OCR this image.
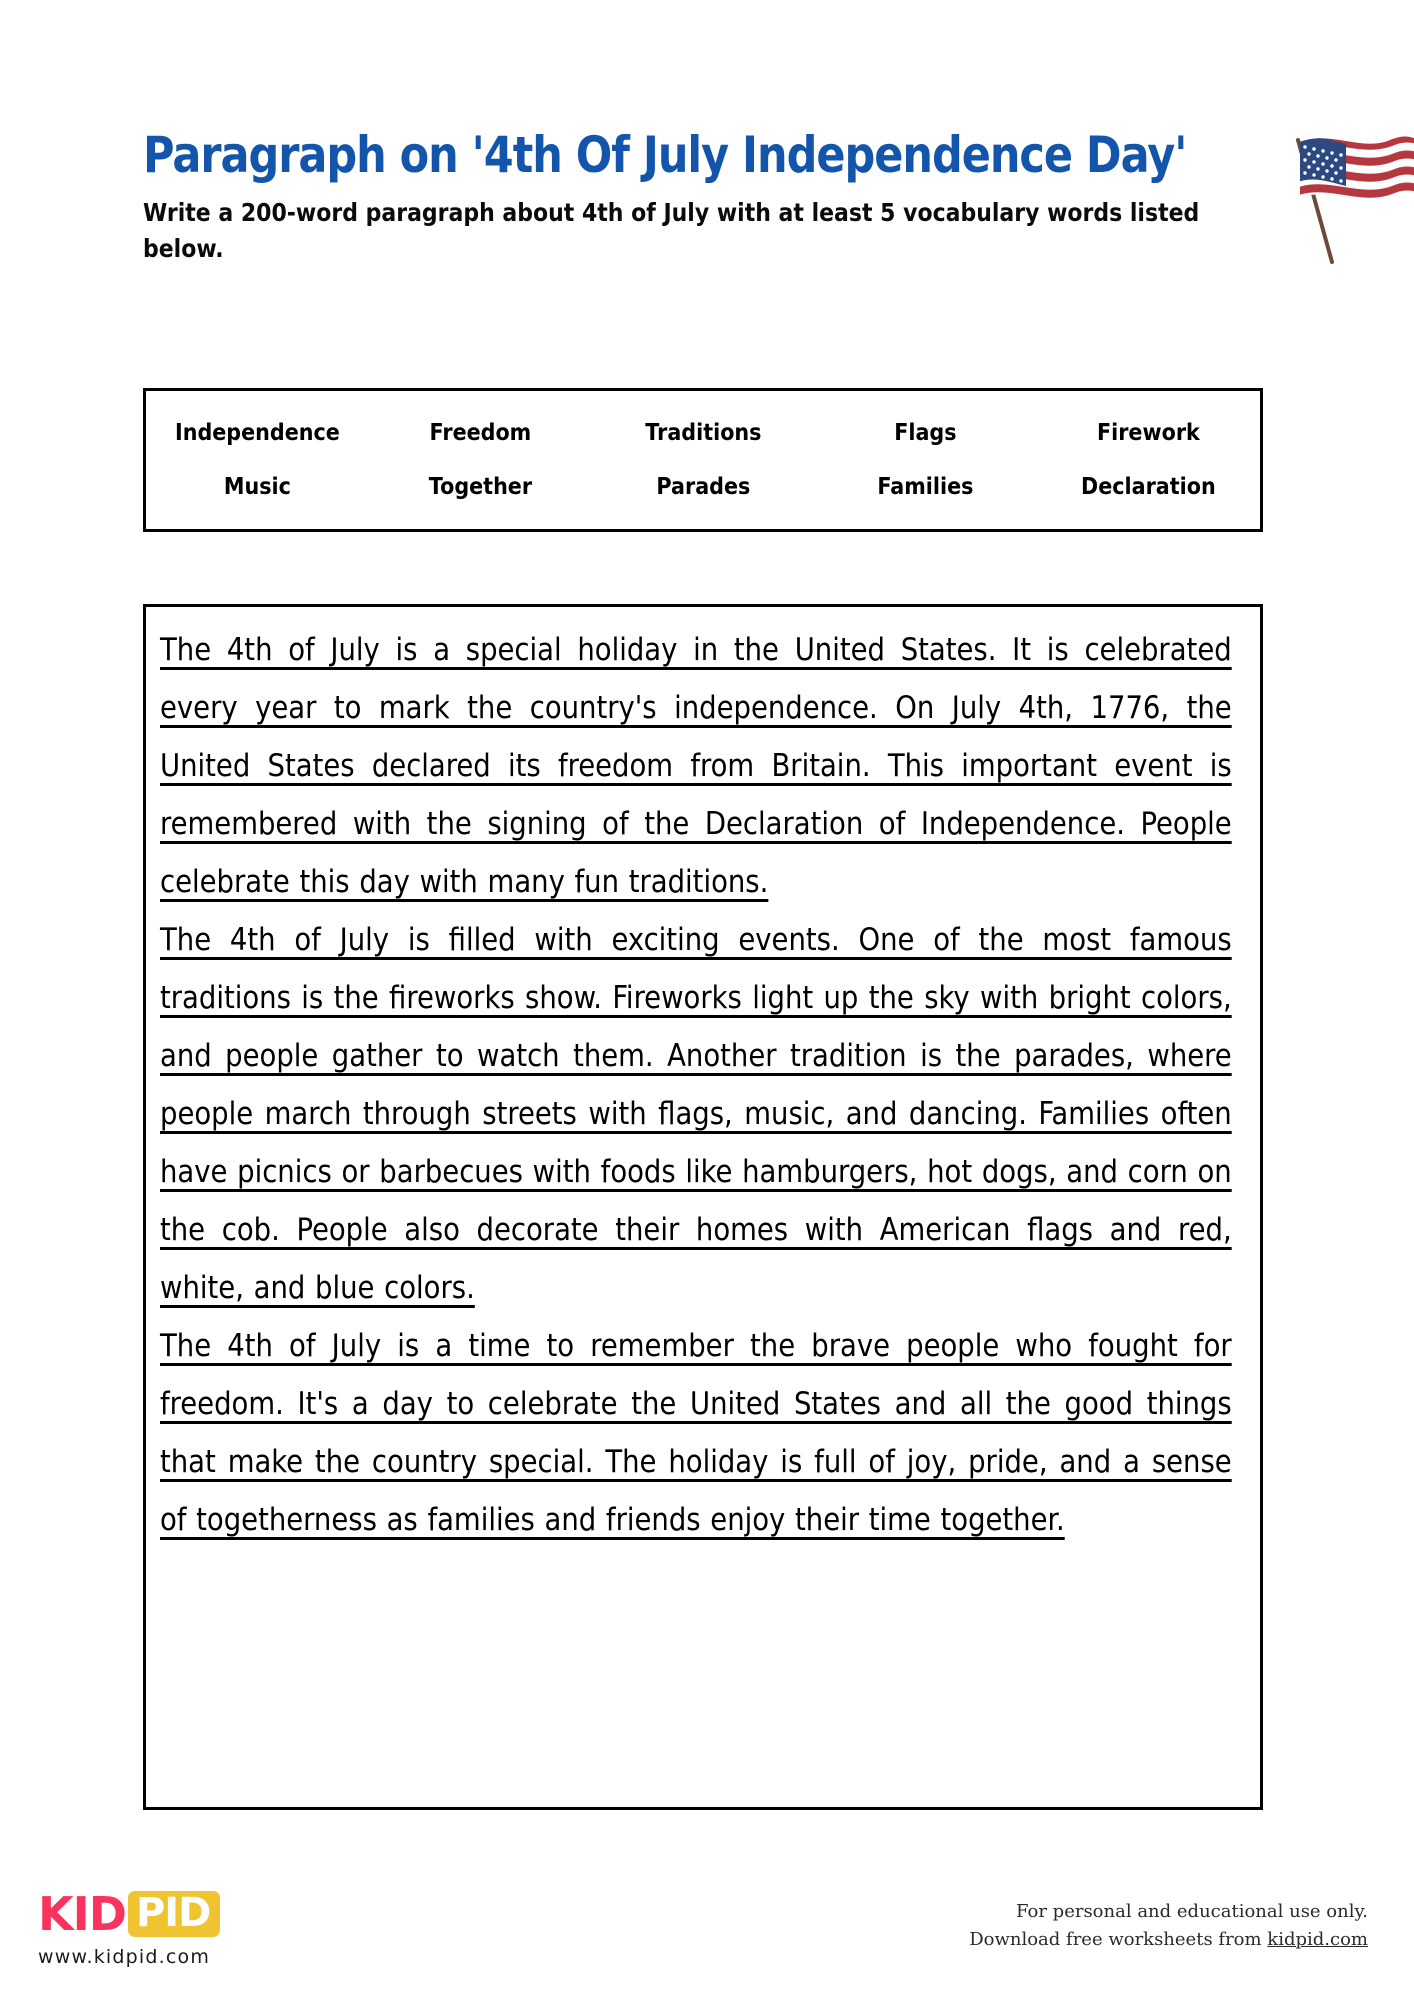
Paragraph on '4th Of July Independence Day'

Write a 200-word paragraph about 4th of July with at least 5 vocabulary words listed below.

Independence	Freedom	Traditions	Flags	Firework
Music	Together	Parades	Families	Declaration

The 4th of July is a special holiday in the United States. It is celebrated every year to mark the country's independence. On July 4th, 1776, the United States declared its freedom from Britain. This important event is remembered with the signing of the Declaration of Independence. People celebrate this day with many fun traditions.

The 4th of July is filled with exciting events. One of the most famous traditions is the fireworks show. Fireworks light up the sky with bright colors, and people gather to watch them. Another tradition is the parades, where people march through streets with flags, music, and dancing. Families often have picnics or barbecues with foods like hamburgers, hot dogs, and corn on the cob. People also decorate their homes with American flags and red, white, and blue colors.

The 4th of July is a time to remember the brave people who fought for freedom. It's a day to celebrate the United States and all the good things that make the country special. The holiday is full of joy, pride, and a sense of togetherness as families and friends enjoy their time together.

KID PID
www.kidpid.com
For personal and educational use only.
Download free worksheets from kidpid.com
